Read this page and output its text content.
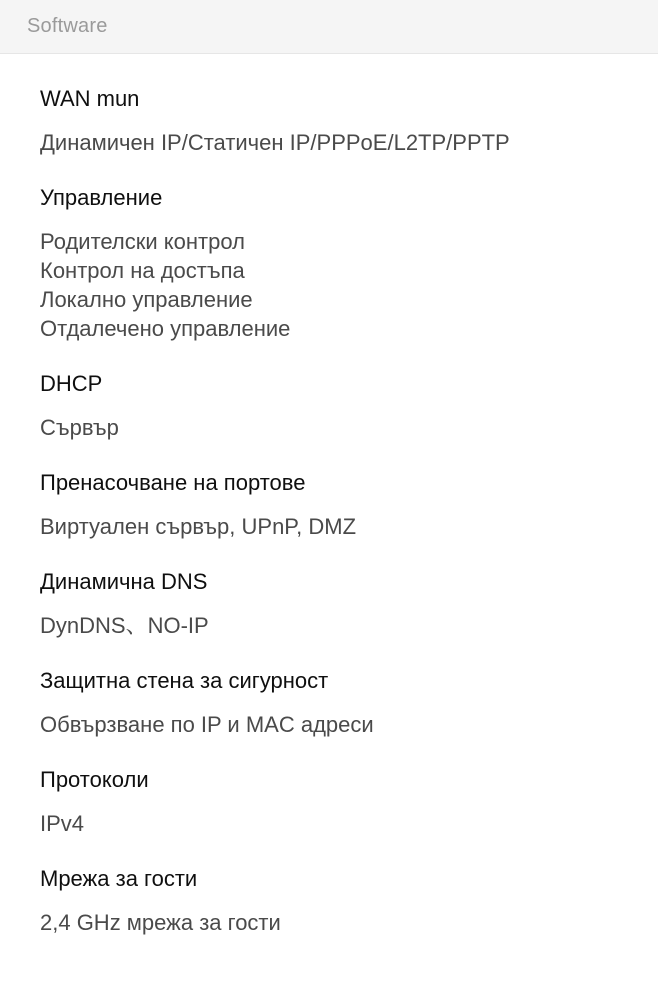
Software
WAN mun
Динамичен IP/Статичен IP/PPPoE/L2TP/PPTP
Управление
Родителски контрол
Контрол на достъпа
Локално управление
Отдалечено управление
DHCP
Сървър
Пренасочване на портове
Виртуален сървър, UPnP, DMZ
Динамична DNS
DynDNS、NO-IP
Защитна стена за сигурност
Обвързване по IP и MAC адреси
Протоколи
IPv4
Мрежа за гости
2,4 GHz мрежа за гости
